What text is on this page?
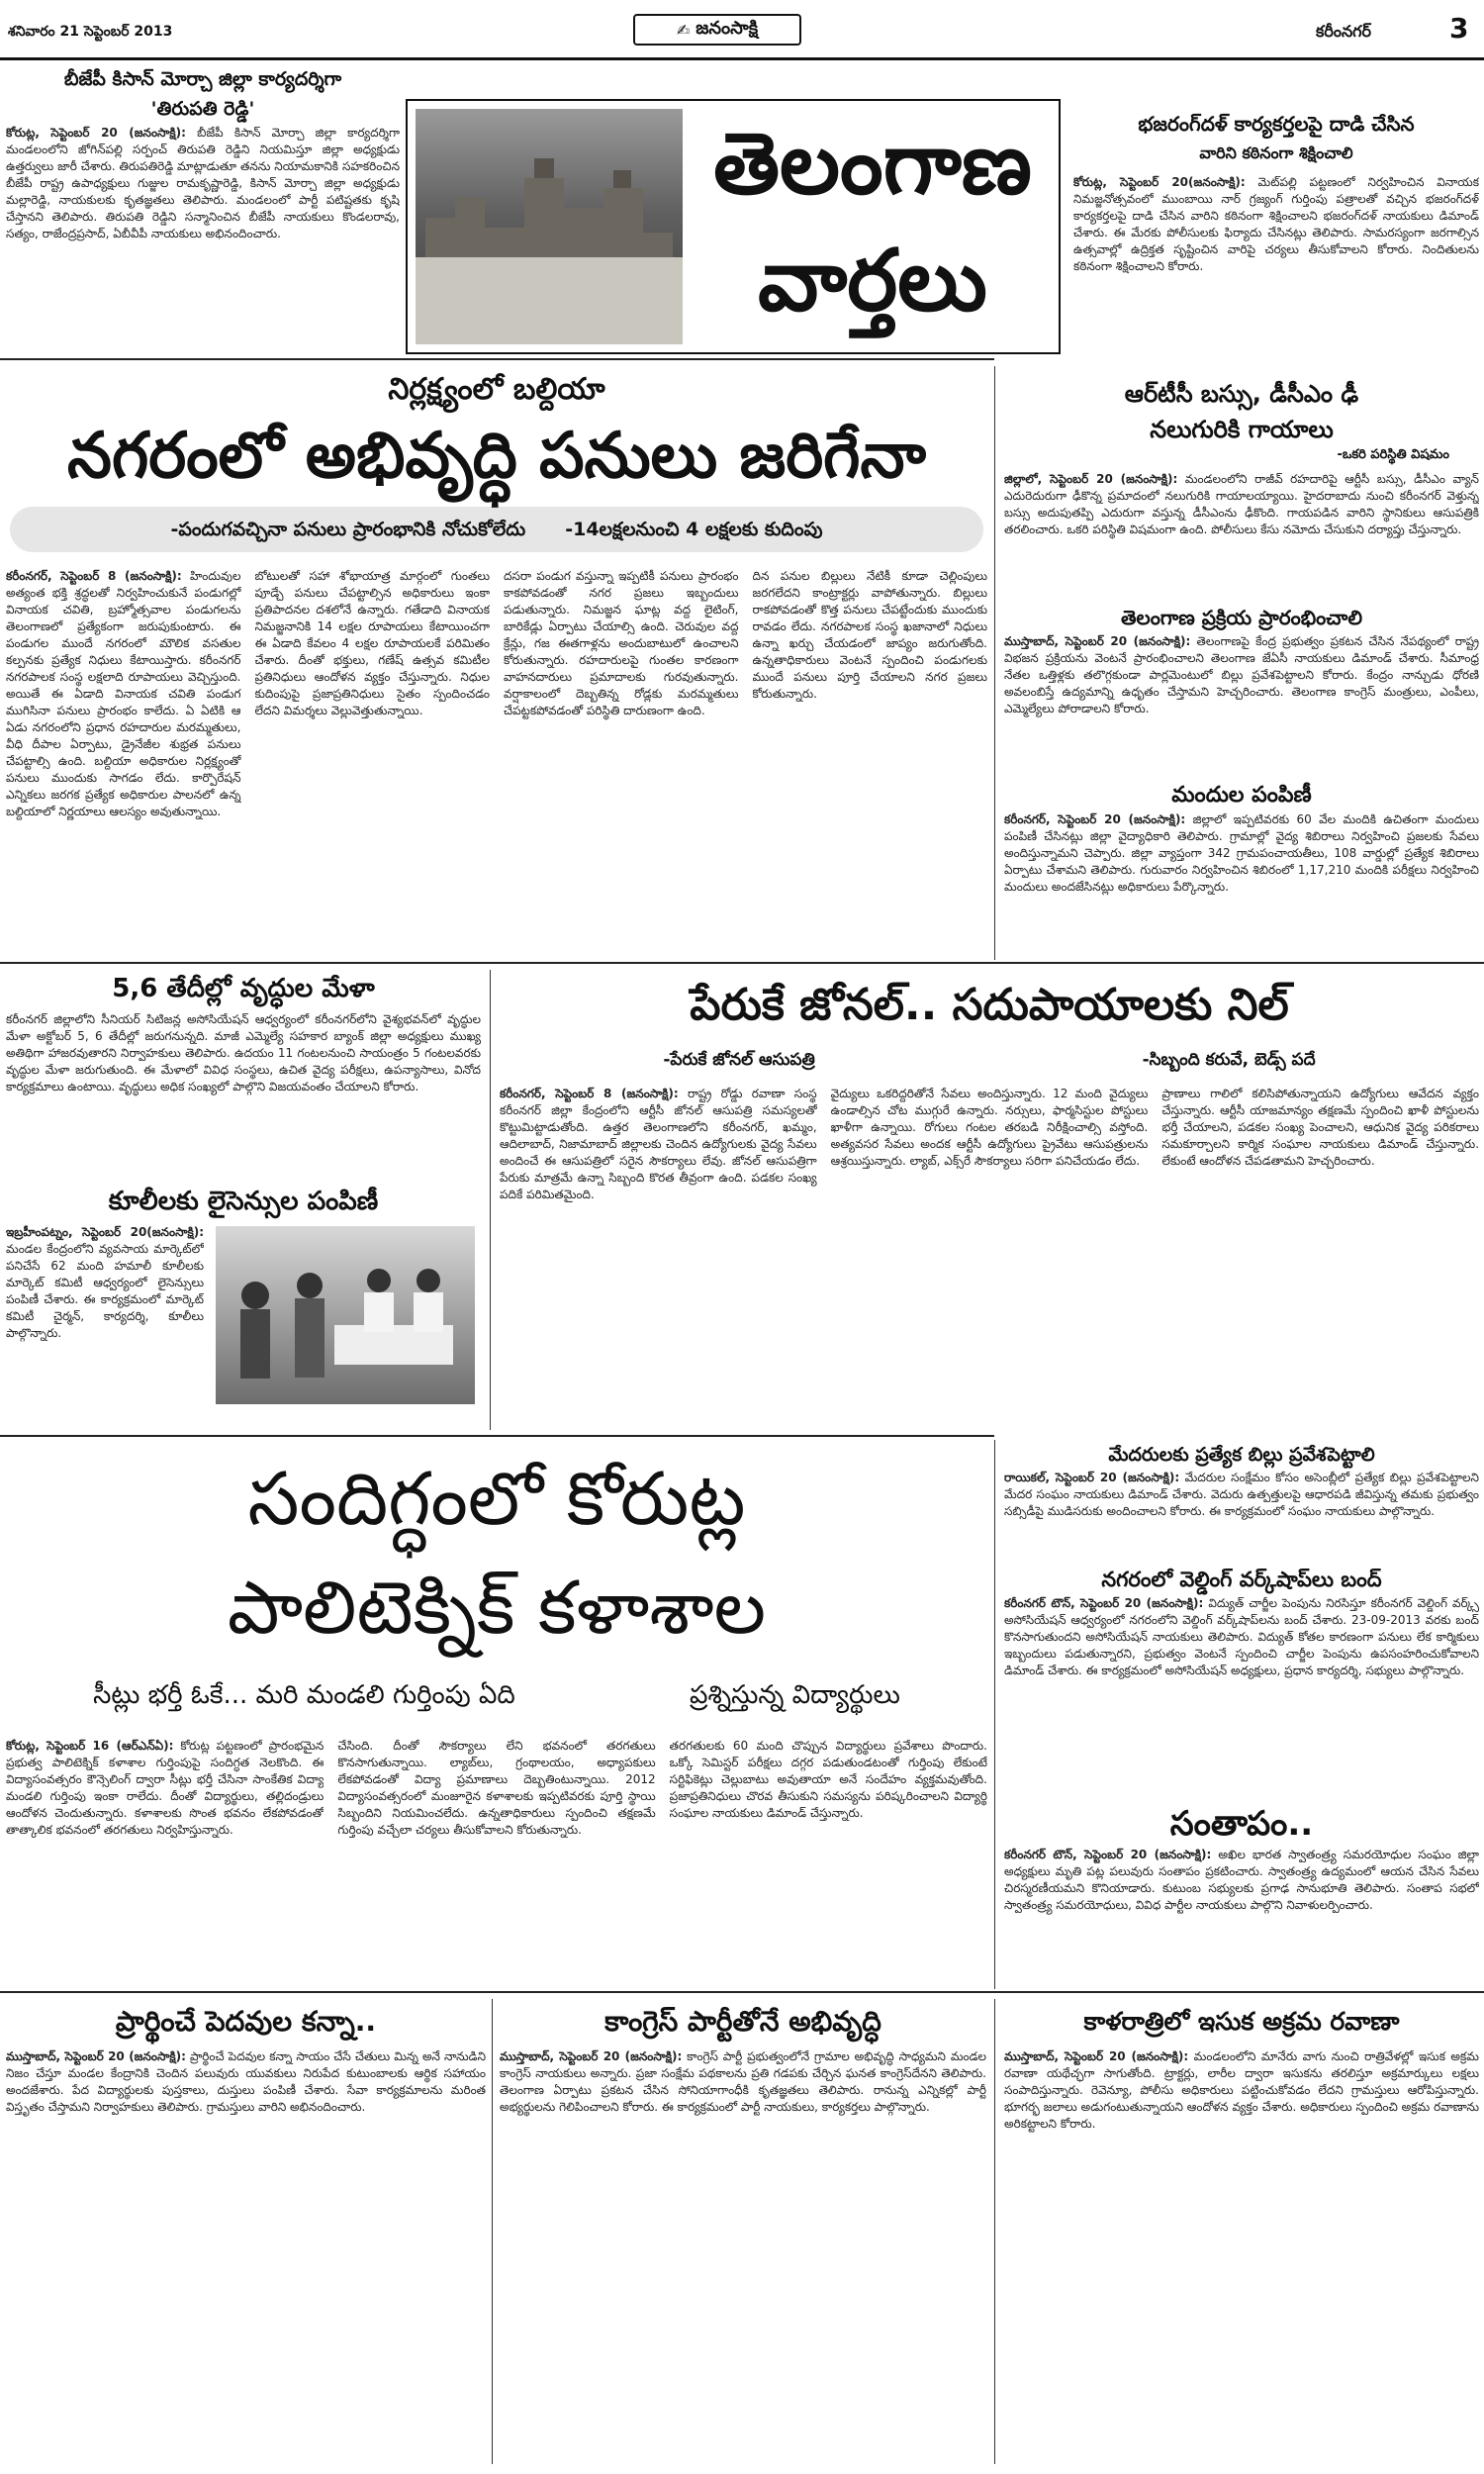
శనివారం 21 సెప్టెంబర్ 2013	✍ జనంసాక్షి	కరీంనగర్	3
బీజేపీ కిసాన్ మోర్చా జిల్లా కార్యదర్శిగా
'తిరుపతి రెడ్డి'
కోరుట్ల, సెప్టెంబర్ 20 (జనంసాక్షి): బీజేపీ కిసాన్ మోర్చా జిల్లా కార్యదర్శిగా మండలంలోని జోగిన్‌పల్లి సర్పంచ్ తిరుపతి రెడ్డిని నియమిస్తూ జిల్లా అధ్యక్షుడు ఉత్తర్వులు జారీ చేశారు. తిరుపతిరెడ్డి మాట్లాడుతూ తనను నియామకానికి సహకరించిన బీజేపీ రాష్ట్ర ఉపాధ్యక్షులు గుజ్జుల రామకృష్ణారెడ్డి, కిసాన్ మోర్చా జిల్లా అధ్యక్షుడు మల్లారెడ్డి, నాయకులకు కృతజ్ఞతలు తెలిపారు. మండలంలో పార్టీ పటిష్టతకు కృషి చేస్తానని తెలిపారు. తిరుపతి రెడ్డిని సన్మానించిన బీజేపీ నాయకులు కొండలరావు, సత్యం, రాజేంద్రప్రసాద్, ఏబీవీపీ నాయకులు అభినందించారు.
తెలంగాణ
వార్తలు
భజరంగ్‌దళ్ కార్యకర్తలపై దాడి చేసిన
వారిని కఠినంగా శిక్షించాలి
కోరుట్ల, సెప్టెంబర్ 20(జనంసాక్షి): మెట్‌పల్లి పట్టణంలో నిర్వహించిన వినాయక నిమజ్జనోత్సవంలో ముంబాయి నార్ గ్రజ్యంగ్ గుర్తింపు పత్రాలతో వచ్చిన భజరంగ్‌దళ్ కార్యకర్తలపై దాడి చేసిన వారిని కఠినంగా శిక్షించాలని భజరంగ్‌దళ్ నాయకులు డిమాండ్ చేశారు. ఈ మేరకు పోలీసులకు ఫిర్యాదు చేసినట్లు తెలిపారు. సామరస్యంగా జరగాల్సిన ఉత్సవాల్లో ఉద్రిక్తత సృష్టించిన వారిపై చర్యలు తీసుకోవాలని కోరారు. నిందితులను కఠినంగా శిక్షించాలని కోరారు.
నిర్లక్ష్యంలో బల్దియా
నగరంలో అభివృద్ధి పనులు జరిగేనా
-పందుగవచ్చినా పనులు ప్రారంభానికి నోచుకోలేదు -14లక్షలనుంచి 4 లక్షలకు కుదింపు
కరీంనగర్, సెప్టెంబర్ 8 (జనంసాక్షి): హిందువుల అత్యంత భక్తి శ్రద్ధలతో నిర్వహించుకునే పండుగల్లో వినాయక చవితి, బ్రహ్మోత్సవాల పండుగలను తెలంగాణలో ప్రత్యేకంగా జరుపుకుంటారు. ఈ పండుగల ముందే నగరంలో మౌలిక వసతుల కల్పనకు ప్రత్యేక నిధులు కేటాయిస్తారు. కరీంనగర్ నగరపాలక సంస్థ లక్షలాది రూపాయలు వెచ్చిస్తుంది. అయితే ఈ ఏడాది వినాయక చవితి పండుగ ముగిసినా పనులు ప్రారంభం కాలేదు. ఏ ఏటికి ఆ ఏడు నగరంలోని ప్రధాన రహదారుల మరమ్మతులు, వీధి దీపాల ఏర్పాటు, డ్రైనేజీల శుభ్రత పనులు చేపట్టాల్సి ఉంది. బల్దియా అధికారుల నిర్లక్ష్యంతో పనులు ముందుకు సాగడం లేదు. కార్పొరేషన్ ఎన్నికలు జరగక ప్రత్యేక అధికారుల పాలనలో ఉన్న బల్దియాలో నిర్ణయాలు ఆలస్యం అవుతున్నాయి.
బోటులతో సహా శోభాయాత్ర మార్గంలో గుంతలు పూడ్చే పనులు చేపట్టాల్సిన అధికారులు ఇంకా ప్రతిపాదనల దశలోనే ఉన్నారు. గతేడాది వినాయక నిమజ్జనానికి 14 లక్షల రూపాయలు కేటాయించగా ఈ ఏడాది కేవలం 4 లక్షల రూపాయలకే పరిమితం చేశారు. దీంతో భక్తులు, గణేష్ ఉత్సవ కమిటీల ప్రతినిధులు ఆందోళన వ్యక్తం చేస్తున్నారు. నిధుల కుదింపుపై ప్రజాప్రతినిధులు సైతం స్పందించడం లేదని విమర్శలు వెల్లువెత్తుతున్నాయి.
దసరా పండుగ వస్తున్నా ఇప్పటికీ పనులు ప్రారంభం కాకపోవడంతో నగర ప్రజలు ఇబ్బందులు పడుతున్నారు. నిమజ్జన ఘాట్ల వద్ద లైటింగ్, బారికేడ్లు ఏర్పాటు చేయాల్సి ఉంది. చెరువుల వద్ద క్రేన్లు, గజ ఈతగాళ్లను అందుబాటులో ఉంచాలని కోరుతున్నారు. రహదారులపై గుంతల కారణంగా వాహనదారులు ప్రమాదాలకు గురవుతున్నారు. వర్షాకాలంలో దెబ్బతిన్న రోడ్లకు మరమ్మతులు చేపట్టకపోవడంతో పరిస్థితి దారుణంగా ఉంది.
దిన పనుల బిల్లులు నేటికీ కూడా చెల్లింపులు జరగలేదని కాంట్రాక్టర్లు వాపోతున్నారు. బిల్లులు రాకపోవడంతో కొత్త పనులు చేపట్టేందుకు ముందుకు రావడం లేదు. నగరపాలక సంస్థ ఖజానాలో నిధులు ఉన్నా ఖర్చు చేయడంలో జాప్యం జరుగుతోంది. ఉన్నతాధికారులు వెంటనే స్పందించి పండుగలకు ముందే పనులు పూర్తి చేయాలని నగర ప్రజలు కోరుతున్నారు.
ఆర్‌టీసీ బస్సు, డీసీఎం ఢీ
నలుగురికి గాయాలు
-ఒకరి పరిస్థితి విషమం
జిల్లాలో, సెప్టెంబర్ 20 (జనంసాక్షి): మండలంలోని రాజీవ్ రహదారిపై ఆర్టీసీ బస్సు, డీసీఎం వ్యాన్ ఎదురెదురుగా ఢీకొన్న ప్రమాదంలో నలుగురికి గాయాలయ్యాయి. హైదరాబాదు నుంచి కరీంనగర్ వెళ్తున్న బస్సు అదుపుతప్పి ఎదురుగా వస్తున్న డీసీఎంను ఢీకొంది. గాయపడిన వారిని స్థానికులు ఆసుపత్రికి తరలించారు. ఒకరి పరిస్థితి విషమంగా ఉంది. పోలీసులు కేసు నమోదు చేసుకుని దర్యాప్తు చేస్తున్నారు.
తెలంగాణ ప్రక్రియ ప్రారంభించాలి
ముస్తాబాద్, సెప్టెంబర్ 20 (జనంసాక్షి): తెలంగాణపై కేంద్ర ప్రభుత్వం ప్రకటన చేసిన నేపథ్యంలో రాష్ట్ర విభజన ప్రక్రియను వెంటనే ప్రారంభించాలని తెలంగాణ జేఏసీ నాయకులు డిమాండ్ చేశారు. సీమాంధ్ర నేతల ఒత్తిళ్లకు తలొగ్గకుండా పార్లమెంటులో బిల్లు ప్రవేశపెట్టాలని కోరారు. కేంద్రం నాన్చుడు ధోరణి అవలంబిస్తే ఉద్యమాన్ని ఉధృతం చేస్తామని హెచ్చరించారు. తెలంగాణ కాంగ్రెస్ మంత్రులు, ఎంపీలు, ఎమ్మెల్యేలు పోరాడాలని కోరారు.
మందుల పంపిణీ
కరీంనగర్, సెప్టెంబర్ 20 (జనంసాక్షి): జిల్లాలో ఇప్పటివరకు 60 వేల మందికి ఉచితంగా మందులు పంపిణీ చేసినట్లు జిల్లా వైద్యాధికారి తెలిపారు. గ్రామాల్లో వైద్య శిబిరాలు నిర్వహించి ప్రజలకు సేవలు అందిస్తున్నామని చెప్పారు. జిల్లా వ్యాప్తంగా 342 గ్రామపంచాయతీలు, 108 వార్డుల్లో ప్రత్యేక శిబిరాలు ఏర్పాటు చేశామని తెలిపారు. గురువారం నిర్వహించిన శిబిరంలో 1,17,210 మందికి పరీక్షలు నిర్వహించి మందులు అందజేసినట్లు అధికారులు పేర్కొన్నారు.
5,6 తేదీల్లో వృద్ధుల మేళా
కరీంనగర్ జిల్లాలోని సీనియర్ సిటిజన్ల అసోసియేషన్ ఆధ్వర్యంలో కరీంనగర్‌లోని వైశ్యభవన్‌లో వృద్ధుల మేళా అక్టోబర్ 5, 6 తేదీల్లో జరుగనున్నది. మాజీ ఎమ్మెల్యే సహకార బ్యాంక్ జిల్లా అధ్యక్షులు ముఖ్య అతిథిగా హాజరవుతారని నిర్వాహకులు తెలిపారు. ఉదయం 11 గంటలనుంచి సాయంత్రం 5 గంటలవరకు వృద్ధుల మేళా జరుగుతుంది. ఈ మేళాలో వివిధ సంస్థలు, ఉచిత వైద్య పరీక్షలు, ఉపన్యాసాలు, వినోద కార్యక్రమాలు ఉంటాయి. వృద్ధులు అధిక సంఖ్యలో పాల్గొని విజయవంతం చేయాలని కోరారు.
కూలీలకు లైసెన్సుల పంపిణీ
ఇబ్రహీంపట్నం, సెప్టెంబర్ 20(జనంసాక్షి): మండల కేంద్రంలోని వ్యవసాయ మార్కెట్‌లో పనిచేసే 62 మంది హమాలీ కూలీలకు మార్కెట్ కమిటీ ఆధ్వర్యంలో లైసెన్సులు పంపిణీ చేశారు. ఈ కార్యక్రమంలో మార్కెట్ కమిటీ చైర్మన్, కార్యదర్శి, కూలీలు పాల్గొన్నారు.
పేరుకే జోనల్.. సదుపాయాలకు నిల్
-పేరుకే జోనల్ ఆసుపత్రి	-సిబ్బంది కరువే, బెడ్స్ పదే
కరీంనగర్, సెప్టెంబర్ 8 (జనంసాక్షి): రాష్ట్ర రోడ్డు రవాణా సంస్థ కరీంనగర్ జిల్లా కేంద్రంలోని ఆర్టీసీ జోనల్ ఆసుపత్రి సమస్యలతో కొట్టుమిట్టాడుతోంది. ఉత్తర తెలంగాణలోని కరీంనగర్, ఖమ్మం, ఆదిలాబాద్, నిజామాబాద్ జిల్లాలకు చెందిన ఉద్యోగులకు వైద్య సేవలు అందించే ఈ ఆసుపత్రిలో సరైన సౌకర్యాలు లేవు. జోనల్ ఆసుపత్రిగా పేరుకు మాత్రమే ఉన్నా సిబ్బంది కొరత తీవ్రంగా ఉంది. పడకల సంఖ్య పదికే పరిమితమైంది.
వైద్యులు ఒకరిద్దరితోనే సేవలు అందిస్తున్నారు. 12 మంది వైద్యులు ఉండాల్సిన చోట ముగ్గురే ఉన్నారు. నర్సులు, ఫార్మసిస్టుల పోస్టులు ఖాళీగా ఉన్నాయి. రోగులు గంటల తరబడి నిరీక్షించాల్సి వస్తోంది. అత్యవసర సేవలు అందక ఆర్టీసీ ఉద్యోగులు ప్రైవేటు ఆసుపత్రులను ఆశ్రయిస్తున్నారు. ల్యాబ్, ఎక్స్‌రే సౌకర్యాలు సరిగా పనిచేయడం లేదు.
ప్రాణాలు గాలిలో కలిసిపోతున్నాయని ఉద్యోగులు ఆవేదన వ్యక్తం చేస్తున్నారు. ఆర్టీసీ యాజమాన్యం తక్షణమే స్పందించి ఖాళీ పోస్టులను భర్తీ చేయాలని, పడకల సంఖ్య పెంచాలని, ఆధునిక వైద్య పరికరాలు సమకూర్చాలని కార్మిక సంఘాల నాయకులు డిమాండ్ చేస్తున్నారు. లేకుంటే ఆందోళన చేపడతామని హెచ్చరించారు.
సందిగ్ధంలో కోరుట్ల
పాలిటెక్నిక్ కళాశాల
సీట్లు భర్తీ ఓకే... మరి మండలి గుర్తింపు ఏది	ప్రశ్నిస్తున్న విద్యార్థులు
కోరుట్ల, సెప్టెంబర్ 16 (ఆర్ఎన్ఏ): కోరుట్ల పట్టణంలో ప్రారంభమైన ప్రభుత్వ పాలిటెక్నిక్ కళాశాల గుర్తింపుపై సందిగ్ధత నెలకొంది. ఈ విద్యాసంవత్సరం కౌన్సెలింగ్ ద్వారా సీట్లు భర్తీ చేసినా సాంకేతిక విద్యా మండలి గుర్తింపు ఇంకా రాలేదు. దీంతో విద్యార్థులు, తల్లిదండ్రులు ఆందోళన చెందుతున్నారు. కళాశాలకు సొంత భవనం లేకపోవడంతో తాత్కాలిక భవనంలో తరగతులు నిర్వహిస్తున్నారు.
చేసింది. దీంతో సౌకర్యాలు లేని భవనంలో తరగతులు కొనసాగుతున్నాయి. ల్యాబ్‌లు, గ్రంథాలయం, అధ్యాపకులు లేకపోవడంతో విద్యా ప్రమాణాలు దెబ్బతింటున్నాయి. 2012 విద్యాసంవత్సరంలో మంజూరైన కళాశాలకు ఇప్పటివరకు పూర్తి స్థాయి సిబ్బందిని నియమించలేదు. ఉన్నతాధికారులు స్పందించి తక్షణమే గుర్తింపు వచ్చేలా చర్యలు తీసుకోవాలని కోరుతున్నారు.
తరగతులకు 60 మంది చొప్పున విద్యార్థులు ప్రవేశాలు పొందారు. ఒక్కో సెమిస్టర్ పరీక్షలు దగ్గర పడుతుండటంతో గుర్తింపు లేకుంటే సర్టిఫికెట్లు చెల్లుబాటు అవుతాయా అనే సందేహం వ్యక్తమవుతోంది. ప్రజాప్రతినిధులు చొరవ తీసుకుని సమస్యను పరిష్కరించాలని విద్యార్థి సంఘాల నాయకులు డిమాండ్ చేస్తున్నారు.
మేదరులకు ప్రత్యేక బిల్లు ప్రవేశపెట్టాలి
రాయికల్, సెప్టెంబర్ 20 (జనంసాక్షి): మేదరుల సంక్షేమం కోసం అసెంబ్లీలో ప్రత్యేక బిల్లు ప్రవేశపెట్టాలని మేదర సంఘం నాయకులు డిమాండ్ చేశారు. వెదురు ఉత్పత్తులపై ఆధారపడి జీవిస్తున్న తమకు ప్రభుత్వం సబ్సిడీపై ముడిసరుకు అందించాలని కోరారు. ఈ కార్యక్రమంలో సంఘం నాయకులు పాల్గొన్నారు.
నగరంలో వెల్డింగ్ వర్క్‌షాప్‌లు బంద్
కరీంనగర్ టౌన్, సెప్టెంబర్ 20 (జనంసాక్షి): విద్యుత్ చార్జీల పెంపును నిరసిస్తూ కరీంనగర్ వెల్డింగ్ వర్క్స్ అసోసియేషన్ ఆధ్వర్యంలో నగరంలోని వెల్డింగ్ వర్క్‌షాప్‌లను బంద్ చేశారు. 23-09-2013 వరకు బంద్ కొనసాగుతుందని అసోసియేషన్ నాయకులు తెలిపారు. విద్యుత్ కోతల కారణంగా పనులు లేక కార్మికులు ఇబ్బందులు పడుతున్నారని, ప్రభుత్వం వెంటనే స్పందించి చార్జీల పెంపును ఉపసంహరించుకోవాలని డిమాండ్ చేశారు. ఈ కార్యక్రమంలో అసోసియేషన్ అధ్యక్షులు, ప్రధాన కార్యదర్శి, సభ్యులు పాల్గొన్నారు.
సంతాపం..
కరీంనగర్ టౌన్, సెప్టెంబర్ 20 (జనంసాక్షి): అఖిల భారత స్వాతంత్ర్య సమరయోధుల సంఘం జిల్లా అధ్యక్షులు మృతి పట్ల పలువురు సంతాపం ప్రకటించారు. స్వాతంత్ర్య ఉద్యమంలో ఆయన చేసిన సేవలు చిరస్మరణీయమని కొనియాడారు. కుటుంబ సభ్యులకు ప్రగాఢ సానుభూతి తెలిపారు. సంతాప సభలో స్వాతంత్ర్య సమరయోధులు, వివిధ పార్టీల నాయకులు పాల్గొని నివాళులర్పించారు.
ప్రార్థించే పెదవుల కన్నా..
ముస్తాబాద్, సెప్టెంబర్ 20 (జనంసాక్షి): ప్రార్థించే పెదవుల కన్నా సాయం చేసే చేతులు మిన్న అనే నానుడిని నిజం చేస్తూ మండల కేంద్రానికి చెందిన పలువురు యువకులు నిరుపేద కుటుంబాలకు ఆర్థిక సహాయం అందజేశారు. పేద విద్యార్థులకు పుస్తకాలు, దుస్తులు పంపిణీ చేశారు. సేవా కార్యక్రమాలను మరింత విస్తృతం చేస్తామని నిర్వాహకులు తెలిపారు. గ్రామస్తులు వారిని అభినందించారు.
కాంగ్రెస్ పార్టీతోనే అభివృద్ధి
ముస్తాబాద్, సెప్టెంబర్ 20 (జనంసాక్షి): కాంగ్రెస్ పార్టీ ప్రభుత్వంలోనే గ్రామాల అభివృద్ధి సాధ్యమని మండల కాంగ్రెస్ నాయకులు అన్నారు. ప్రజా సంక్షేమ పథకాలను ప్రతి గడపకు చేర్చిన ఘనత కాంగ్రెస్‌దేనని తెలిపారు. తెలంగాణ ఏర్పాటు ప్రకటన చేసిన సోనియాగాంధీకి కృతజ్ఞతలు తెలిపారు. రానున్న ఎన్నికల్లో పార్టీ అభ్యర్థులను గెలిపించాలని కోరారు. ఈ కార్యక్రమంలో పార్టీ నాయకులు, కార్యకర్తలు పాల్గొన్నారు.
కాళరాత్రిలో ఇసుక అక్రమ రవాణా
ముస్తాబాద్, సెప్టెంబర్ 20 (జనంసాక్షి): మండలంలోని మానేరు వాగు నుంచి రాత్రివేళల్లో ఇసుక అక్రమ రవాణా యథేచ్ఛగా సాగుతోంది. ట్రాక్టర్లు, లారీల ద్వారా ఇసుకను తరలిస్తూ అక్రమార్కులు లక్షలు సంపాదిస్తున్నారు. రెవెన్యూ, పోలీసు అధికారులు పట్టించుకోవడం లేదని గ్రామస్తులు ఆరోపిస్తున్నారు. భూగర్భ జలాలు అడుగంటుతున్నాయని ఆందోళన వ్యక్తం చేశారు. అధికారులు స్పందించి అక్రమ రవాణాను అరికట్టాలని కోరారు.
